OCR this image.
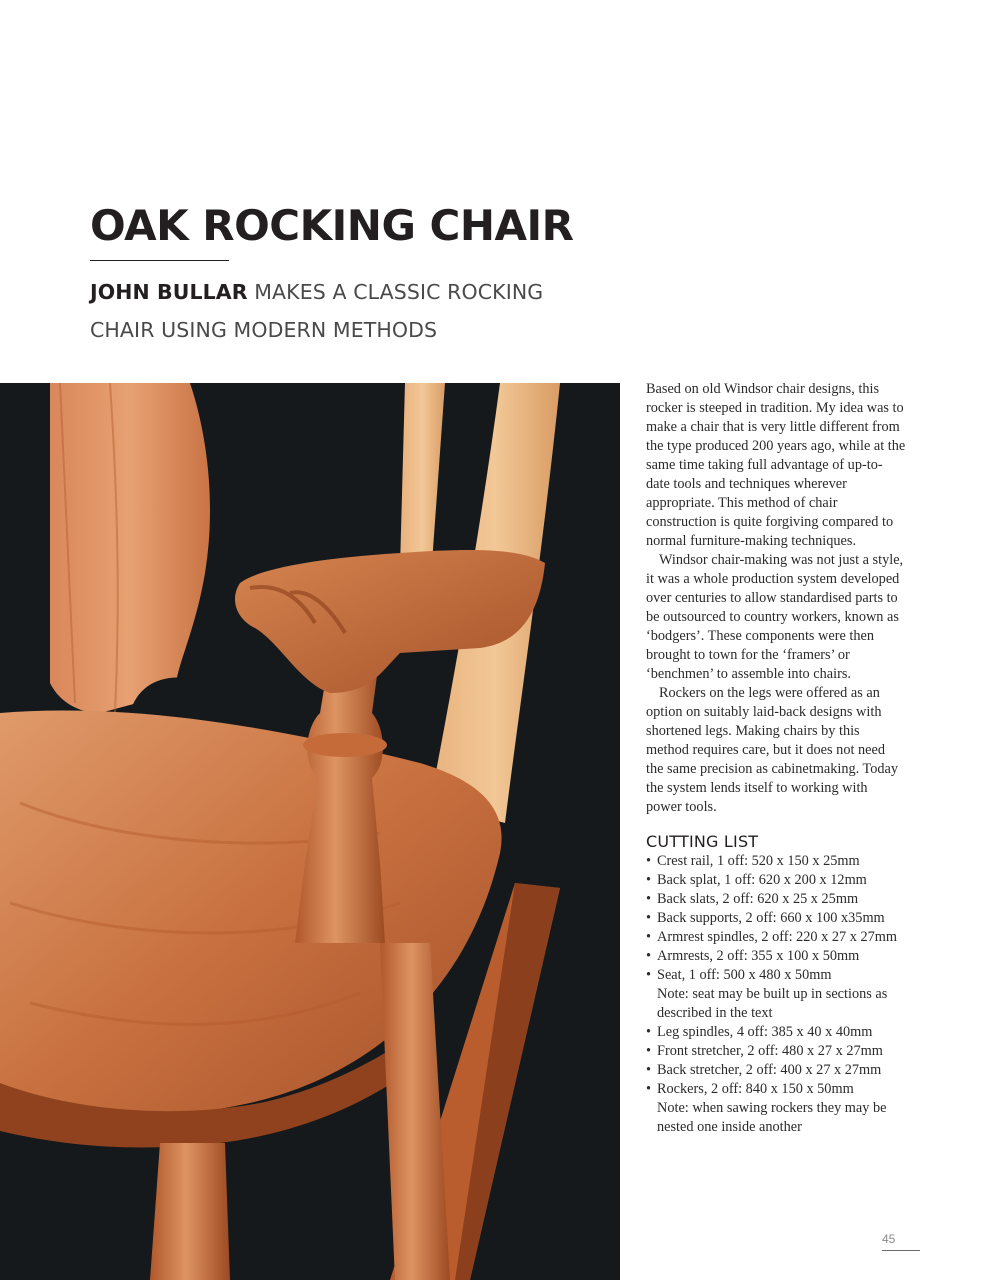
OAK ROCKING CHAIR
JOHN BULLAR MAKES A CLASSIC ROCKING CHAIR USING MODERN METHODS

Based on old Windsor chair designs, this rocker is steeped in tradition. My idea was to make a chair that is very little different from the type produced 200 years ago, while at the same time taking full advantage of up-to-date tools and techniques wherever appropriate. This method of chair construction is quite forgiving compared to normal furniture-making techniques.

Windsor chair-making was not just a style, it was a whole production system developed over centuries to allow standardised parts to be outsourced to country workers, known as ‘bodgers’. These components were then brought to town for the ‘framers’ or ‘benchmen’ to assemble into chairs.

Rockers on the legs were offered as an option on suitably laid-back designs with shortened legs. Making chairs by this method requires care, but it does not need the same precision as cabinetmaking. Today the system lends itself to working with power tools.

CUTTING LIST
• Crest rail, 1 off: 520 x 150 x 25mm
• Back splat, 1 off: 620 x 200 x 12mm
• Back slats, 2 off: 620 x 25 x 25mm
• Back supports, 2 off: 660 x 100 x35mm
• Armrest spindles, 2 off: 220 x 27 x 27mm
• Armrests, 2 off: 355 x 100 x 50mm
• Seat, 1 off: 500 x 480 x 50mm
Note: seat may be built up in sections as described in the text
• Leg spindles, 4 off: 385 x 40 x 40mm
• Front stretcher, 2 off: 480 x 27 x 27mm
• Back stretcher, 2 off: 400 x 27 x 27mm
• Rockers, 2 off: 840 x 150 x 50mm
Note: when sawing rockers they may be nested one inside another
45
